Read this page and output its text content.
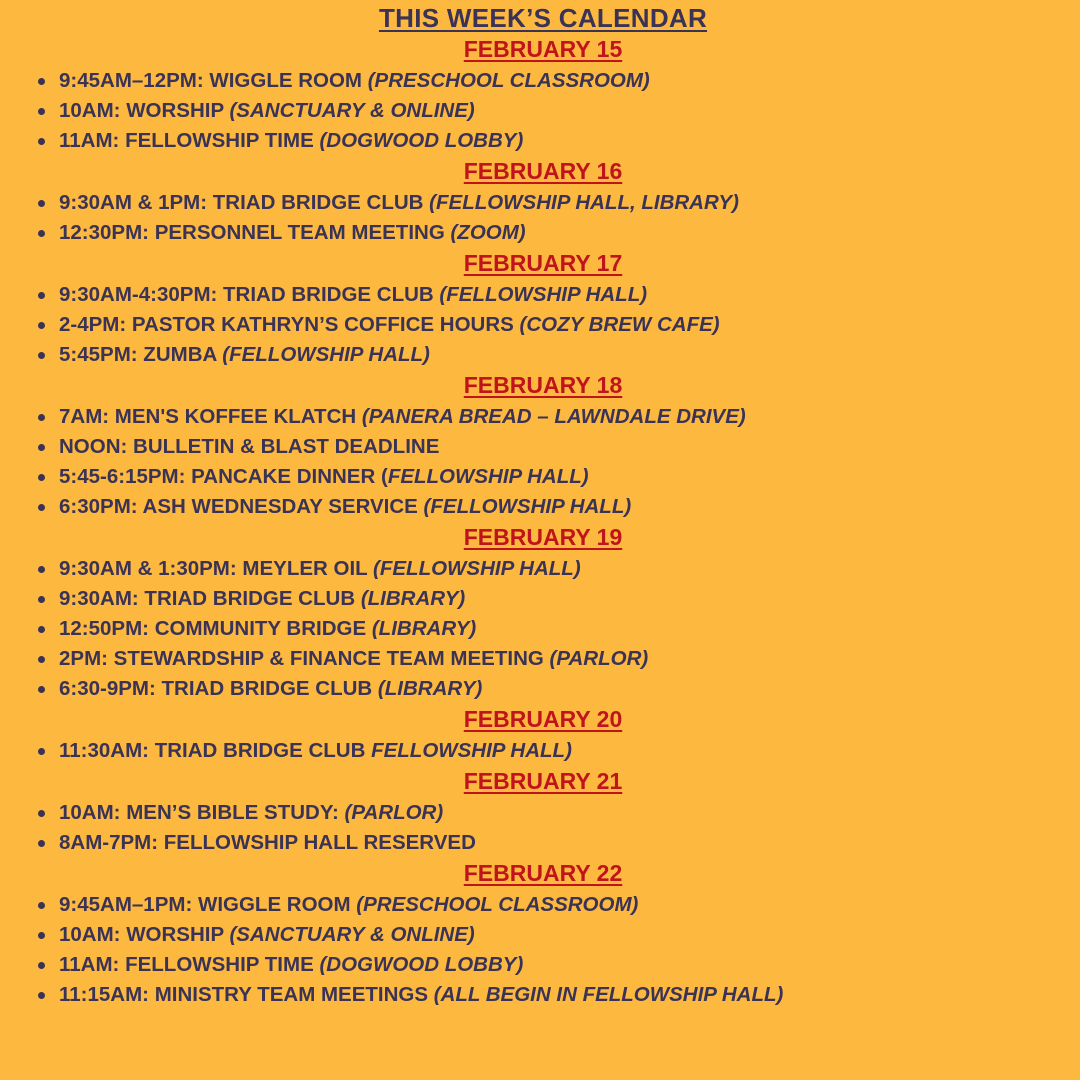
THIS WEEK’S CALENDAR
FEBRUARY 15
9:45AM–12PM: WIGGLE ROOM (PRESCHOOL CLASSROOM)
10AM: WORSHIP (SANCTUARY & ONLINE)
11AM: FELLOWSHIP TIME (DOGWOOD LOBBY)
FEBRUARY 16
9:30AM & 1PM: TRIAD BRIDGE CLUB (FELLOWSHIP HALL, LIBRARY)
12:30PM: PERSONNEL TEAM MEETING (ZOOM)
FEBRUARY 17
9:30AM-4:30PM: TRIAD BRIDGE CLUB (FELLOWSHIP HALL)
2-4PM: PASTOR KATHRYN’S COFFICE HOURS (COZY BREW CAFE)
5:45PM: ZUMBA (FELLOWSHIP HALL)
FEBRUARY 18
7AM: MEN'S KOFFEE KLATCH (PANERA BREAD – LAWNDALE DRIVE)
NOON: BULLETIN & BLAST DEADLINE
5:45-6:15PM: PANCAKE DINNER (FELLOWSHIP HALL)
6:30PM: ASH WEDNESDAY SERVICE (FELLOWSHIP HALL)
FEBRUARY 19
9:30AM & 1:30PM: MEYLER OIL (FELLOWSHIP HALL)
9:30AM: TRIAD BRIDGE CLUB (LIBRARY)
12:50PM: COMMUNITY BRIDGE (LIBRARY)
2PM: STEWARDSHIP & FINANCE TEAM MEETING (PARLOR)
6:30-9PM: TRIAD BRIDGE CLUB (LIBRARY)
FEBRUARY 20
11:30AM: TRIAD BRIDGE CLUB FELLOWSHIP HALL)
FEBRUARY 21
10AM: MEN’S BIBLE STUDY: (PARLOR)
8AM-7PM: FELLOWSHIP HALL RESERVED
FEBRUARY 22
9:45AM–1PM: WIGGLE ROOM (PRESCHOOL CLASSROOM)
10AM: WORSHIP (SANCTUARY & ONLINE)
11AM: FELLOWSHIP TIME (DOGWOOD LOBBY)
11:15AM: MINISTRY TEAM MEETINGS (ALL BEGIN IN FELLOWSHIP HALL)
